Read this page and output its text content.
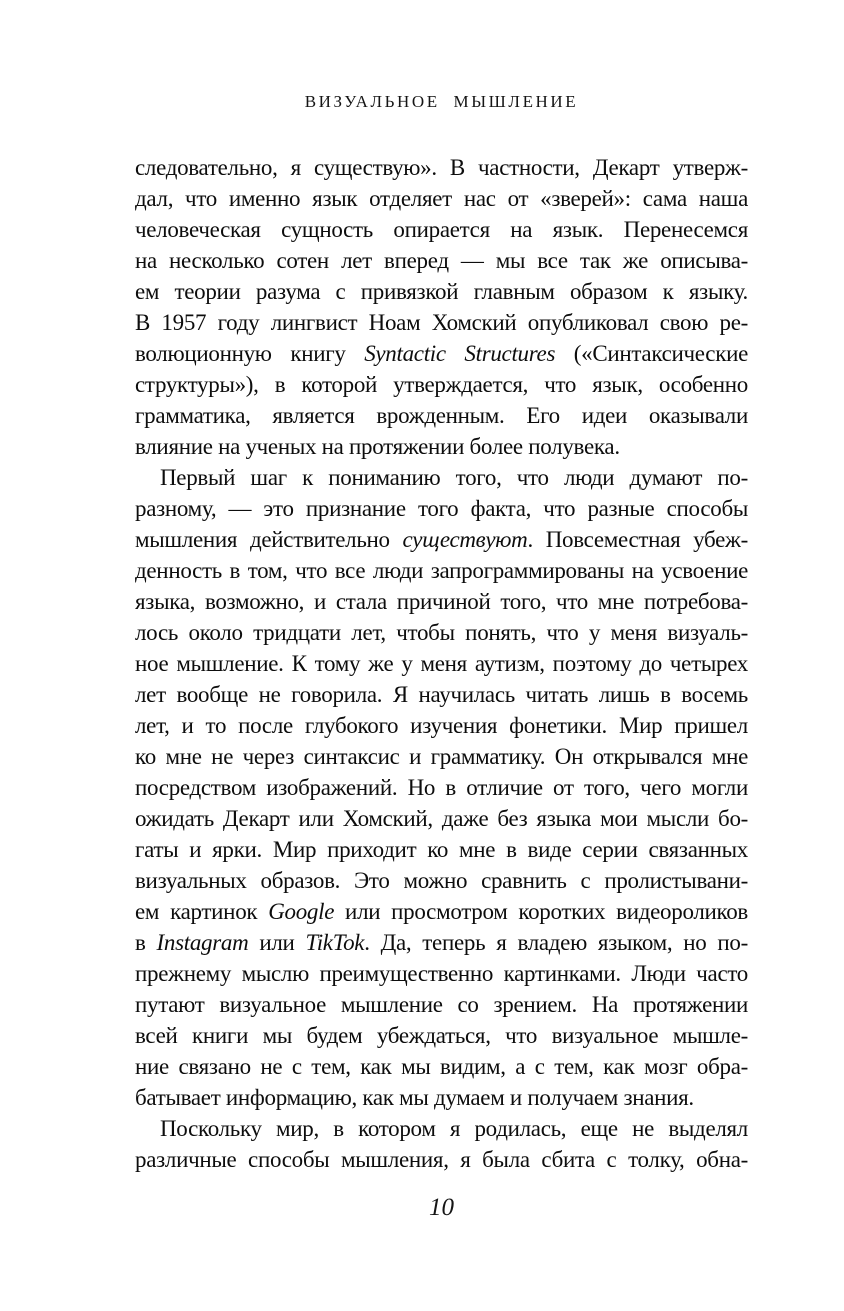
ВИЗУАЛЬНОЕ МЫШЛЕНИЕ
следовательно, я существую». В частности, Декарт утверж-
дал, что именно язык отделяет нас от «зверей»: сама наша
человеческая сущность опирается на язык. Перенесемся
на несколько сотен лет вперед — мы все так же описыва-
ем теории разума с привязкой главным образом к языку.
В 1957 году лингвист Ноам Хомский опубликовал свою ре-
волюционную книгу Syntactic Structures («Синтаксические
структуры»), в которой утверждается, что язык, особенно
грамматика, является врожденным. Его идеи оказывали
влияние на ученых на протяжении более полувека.
Первый шаг к пониманию того, что люди думают по-
разному, — это признание того факта, что разные способы
мышления действительно существуют. Повсеместная убеж-
денность в том, что все люди запрограммированы на усвоение
языка, возможно, и стала причиной того, что мне потребова-
лось около тридцати лет, чтобы понять, что у меня визуаль-
ное мышление. К тому же у меня аутизм, поэтому до четырех
лет вообще не говорила. Я научилась читать лишь в восемь
лет, и то после глубокого изучения фонетики. Мир пришел
ко мне не через синтаксис и грамматику. Он открывался мне
посредством изображений. Но в отличие от того, чего могли
ожидать Декарт или Хомский, даже без языка мои мысли бо-
гаты и ярки. Мир приходит ко мне в виде серии связанных
визуальных образов. Это можно сравнить с пролистывани-
ем картинок Google или просмотром коротких видеороликов
в Instagram или TikTok. Да, теперь я владею языком, но по-
прежнему мыслю преимущественно картинками. Люди часто
путают визуальное мышление со зрением. На протяжении
всей книги мы будем убеждаться, что визуальное мышле-
ние связано не с тем, как мы видим, а с тем, как мозг обра-
батывает информацию, как мы думаем и получаем знания.
Поскольку мир, в котором я родилась, еще не выделял
различные способы мышления, я была сбита с толку, обна-
10
